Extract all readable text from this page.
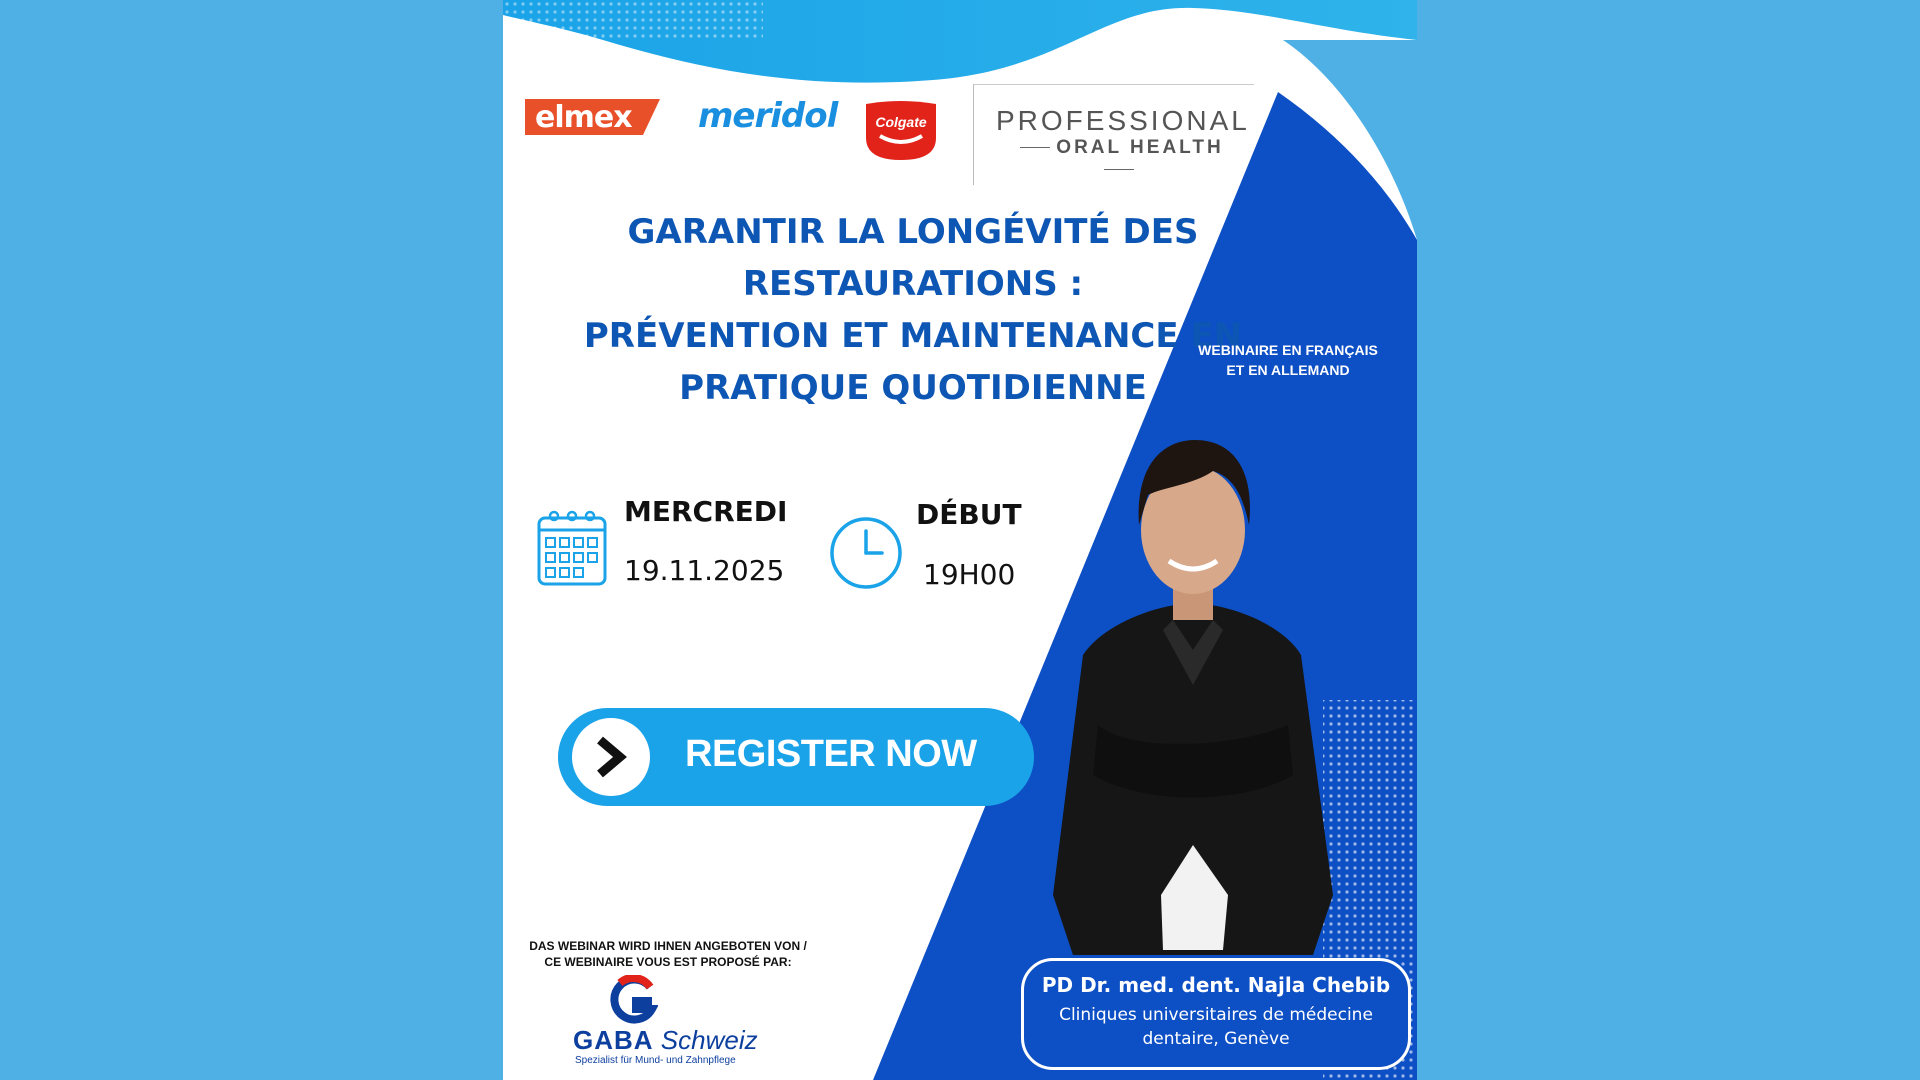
elmex meridol	Colgate	PROFESSIONAL
ORAL HEALTH
GARANTIR LA LONGÉVITÉ DES
RESTAURATIONS :
PRÉVENTION ET MAINTENANCE EN
PRATIQUE QUOTIDIENNE
WEBINAIRE EN FRANÇAIS
ET EN ALLEMAND
MERCREDI
19.11.2025
DÉBUT
19H00
REGISTER NOW
DAS WEBINAR WIRD IHNEN ANGEBOTEN VON /
CE WEBINAIRE VOUS EST PROPOSÉ PAR:
GABA Schweiz
Spezialist für Mund- und Zahnpflege
PD Dr. med. dent. Najla Chebib
Cliniques universitaires de médecine
dentaire, Genève
